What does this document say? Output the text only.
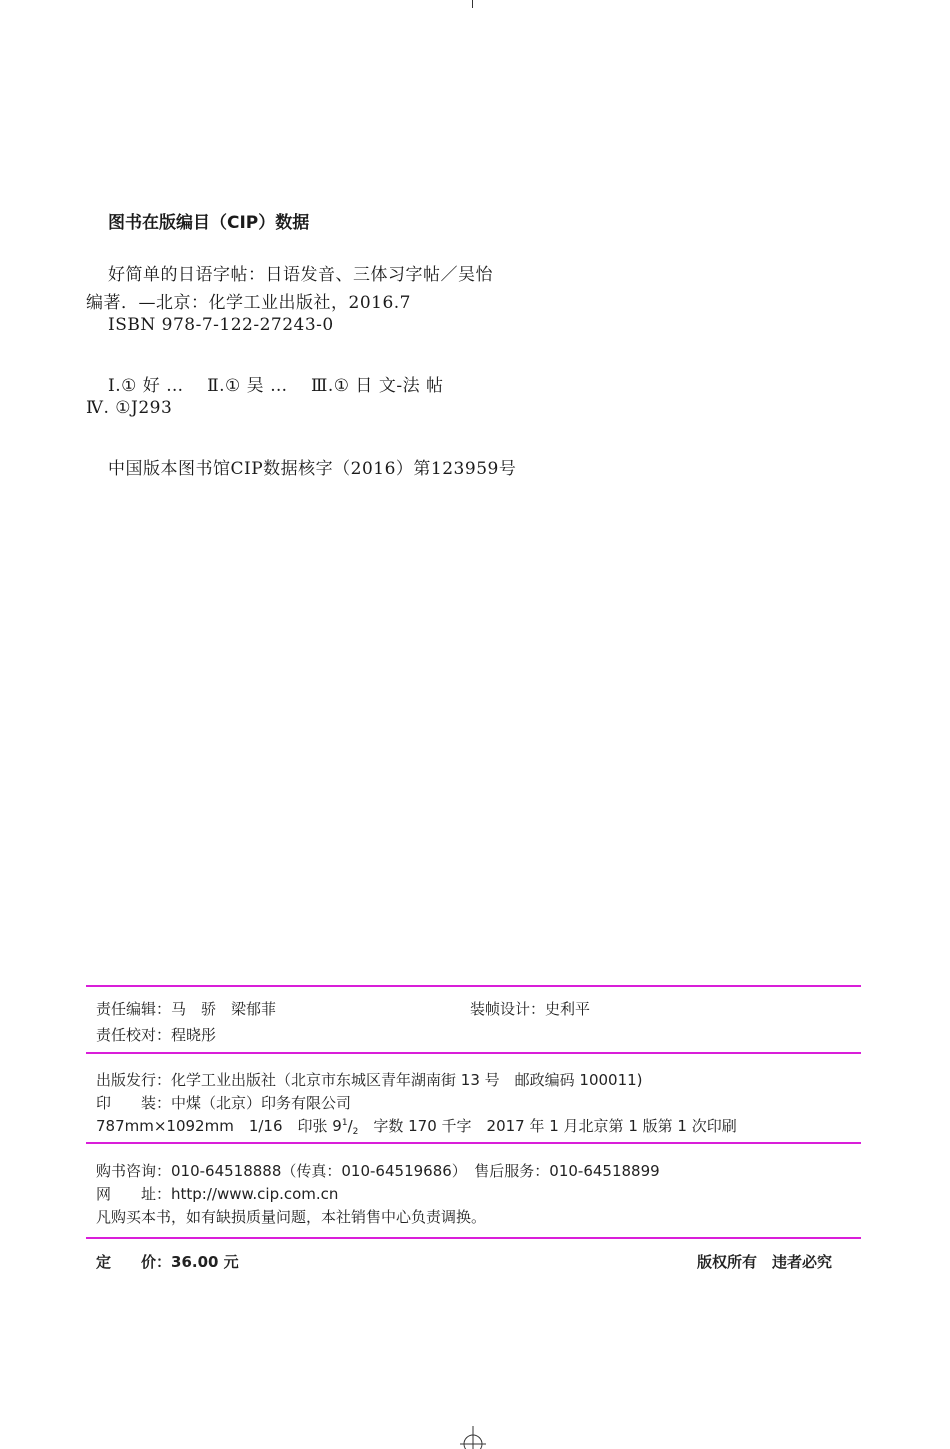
图书在版编目（CIP）数据
好简单的日语字帖：日语发音、三体习字帖／吴怡
编著．—北京：化学工业出版社，2016.7
ISBN 978-7-122-27243-0
Ⅰ.① 好 …　 Ⅱ.① 吴 …　 Ⅲ.① 日 文-法 帖
Ⅳ. ①J293
中国版本图书馆CIP数据核字（2016）第123959号
责任编辑：马　骄　梁郁菲	装帧设计：史利平
责任校对：程晓彤
出版发行：化学工业出版社（北京市东城区青年湖南街 13 号　邮政编码 100011)
印　　装：中煤（北京）印务有限公司
787mm×1092mm　1/16　印张 $9^1/_2$　字数 170 千字　2017 年 1 月北京第 1 版第 1 次印刷
购书咨询：010-64518888（传真：010-64519686）　售后服务：010-64518899
网　　址：http://www.cip.com.cn
凡购买本书，如有缺损质量问题，本社销售中心负责调换。
定　　价：36.00 元	版权所有　违者必究
